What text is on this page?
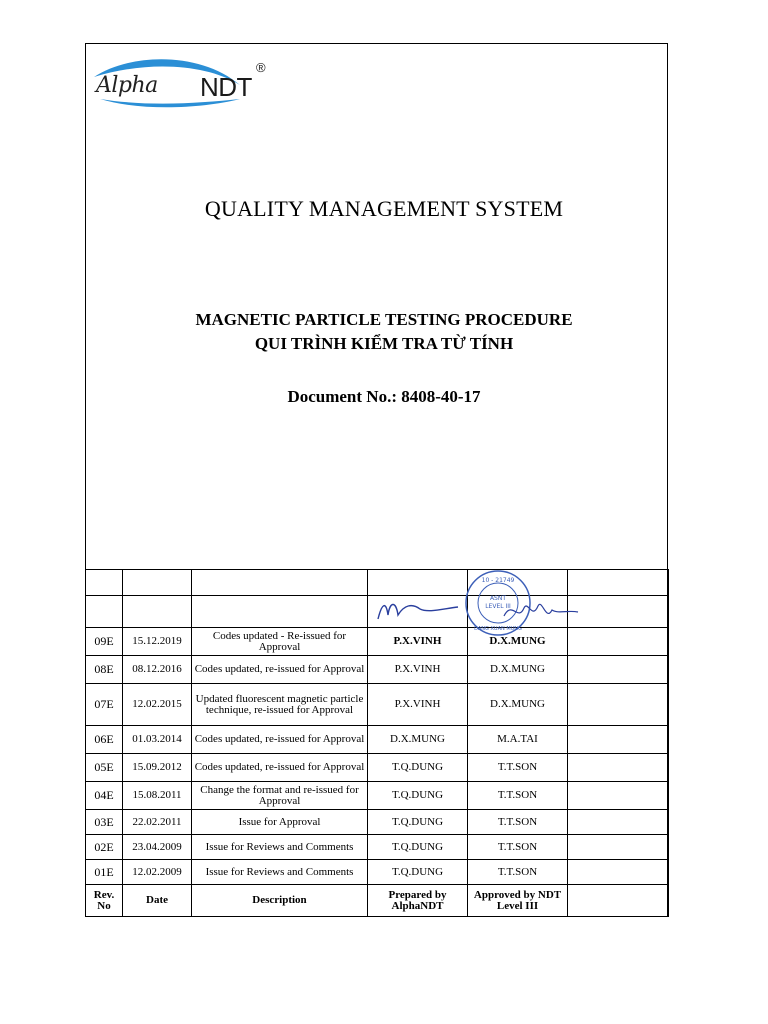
Alpha NDT
®
QUALITY MANAGEMENT SYSTEM
MAGNETIC PARTICLE TESTING PROCEDURE
QUI TRÌNH KIỂM TRA TỪ TÍNH
Document No.: 8408-40-17

09E	15.12.2019	Codes updated - Re-issued for Approval	P.X.VINH	D.X.MUNG	
08E	08.12.2016	Codes updated, re-issued for Approval	P.X.VINH	D.X.MUNG	
07E	12.02.2015	Updated fluorescent magnetic particle technique, re-issued for Approval	P.X.VINH	D.X.MUNG	
06E	01.03.2014	Codes updated, re-issued for Approval	D.X.MUNG	M.A.TAI	
05E	15.09.2012	Codes updated, re-issued for Approval	T.Q.DUNG	T.T.SON	
04E	15.08.2011	Change the format and re-issued for Approval	T.Q.DUNG	T.T.SON	
03E	22.02.2011	Issue for Approval	T.Q.DUNG	T.T.SON	
02E	23.04.2009	Issue for Reviews and Comments	T.Q.DUNG	T.T.SON	
01E	12.02.2009	Issue for Reviews and Comments	T.Q.DUNG	T.T.SON	
Rev. No	Date	Description	Prepared by AlphaNDT	Approved by NDT Level III	
10 - 21749
ASNT
LEVEL III
DANG XUAN MUNG
